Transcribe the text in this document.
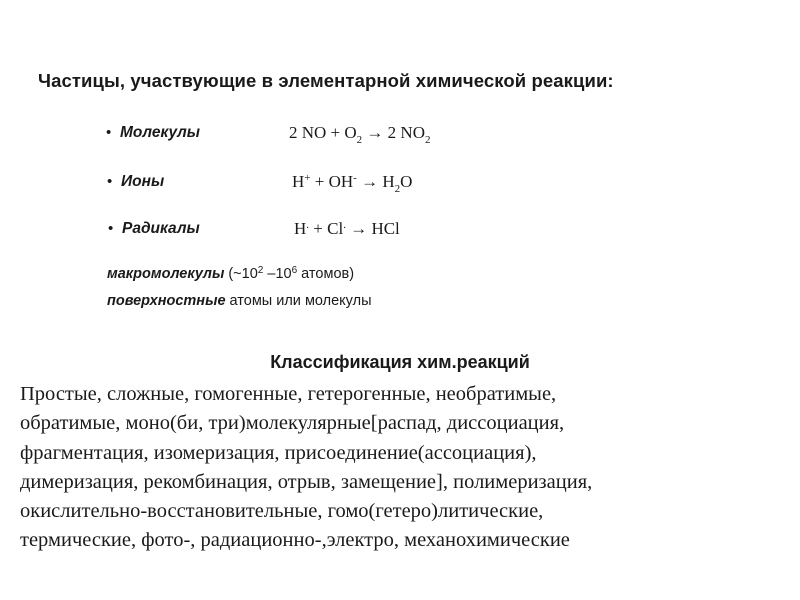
Частицы, участвующие в элементарной химической реакции:
• Молекулы	2 NO + $O_2 \to 2$ $NO_2$
• Ионы	$H^+ + OH^- \to H_2O$
• Радикалы	H. + Cl. → HCl
макромолекулы ($\sim 10^2$ $-10^6$ атомов)
поверхностные атомы или молекулы
Классификация хим.реакций
Простые, сложные, гомогенные, гетерогенные, необратимые,
обратимые, моно(би, три)молекулярные[распад, диссоциация,
фрагментация, изомеризация, присоединение(ассоциация),
димеризация, рекомбинация, отрыв, замещение], полимеризация,
окислительно-восстановительные, гомо(гетеро)литические,
термические, фото-, радиационно-,электро, механохимические
